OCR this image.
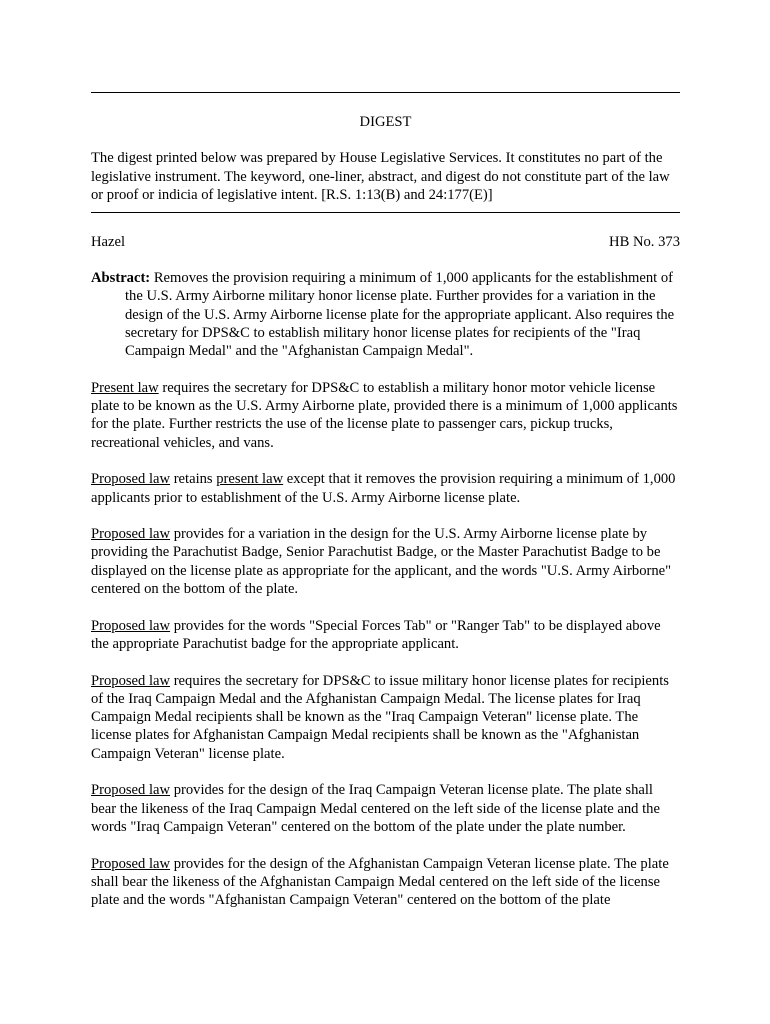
DIGEST
The digest printed below was prepared by House Legislative Services. It constitutes no part of the legislative instrument. The keyword, one-liner, abstract, and digest do not constitute part of the law or proof or indicia of legislative intent. [R.S. 1:13(B) and 24:177(E)]
Hazel	HB No. 373

Abstract: Removes the provision requiring a minimum of 1,000 applicants for the establishment of the U.S. Army Airborne military honor license plate. Further provides for a variation in the design of the U.S. Army Airborne license plate for the appropriate applicant. Also requires the secretary for DPS&C to establish military honor license plates for recipients of the "Iraq Campaign Medal" and the "Afghanistan Campaign Medal".

Present law requires the secretary for DPS&C to establish a military honor motor vehicle license plate to be known as the U.S. Army Airborne plate, provided there is a minimum of 1,000 applicants for the plate. Further restricts the use of the license plate to passenger cars, pickup trucks, recreational vehicles, and vans.

Proposed law retains present law except that it removes the provision requiring a minimum of 1,000 applicants prior to establishment of the U.S. Army Airborne license plate.

Proposed law provides for a variation in the design for the U.S. Army Airborne license plate by providing the Parachutist Badge, Senior Parachutist Badge, or the Master Parachutist Badge to be displayed on the license plate as appropriate for the applicant, and the words "U.S. Army Airborne" centered on the bottom of the plate.

Proposed law provides for the words "Special Forces Tab" or "Ranger Tab" to be displayed above the appropriate Parachutist badge for the appropriate applicant.

Proposed law requires the secretary for DPS&C to issue military honor license plates for recipients of the Iraq Campaign Medal and the Afghanistan Campaign Medal. The license plates for Iraq Campaign Medal recipients shall be known as the "Iraq Campaign Veteran" license plate. The license plates for Afghanistan Campaign Medal recipients shall be known as the "Afghanistan Campaign Veteran" license plate.

Proposed law provides for the design of the Iraq Campaign Veteran license plate. The plate shall bear the likeness of the Iraq Campaign Medal centered on the left side of the license plate and the words "Iraq Campaign Veteran" centered on the bottom of the plate under the plate number.

Proposed law provides for the design of the Afghanistan Campaign Veteran license plate. The plate shall bear the likeness of the Afghanistan Campaign Medal centered on the left side of the license plate and the words "Afghanistan Campaign Veteran" centered on the bottom of the plate
